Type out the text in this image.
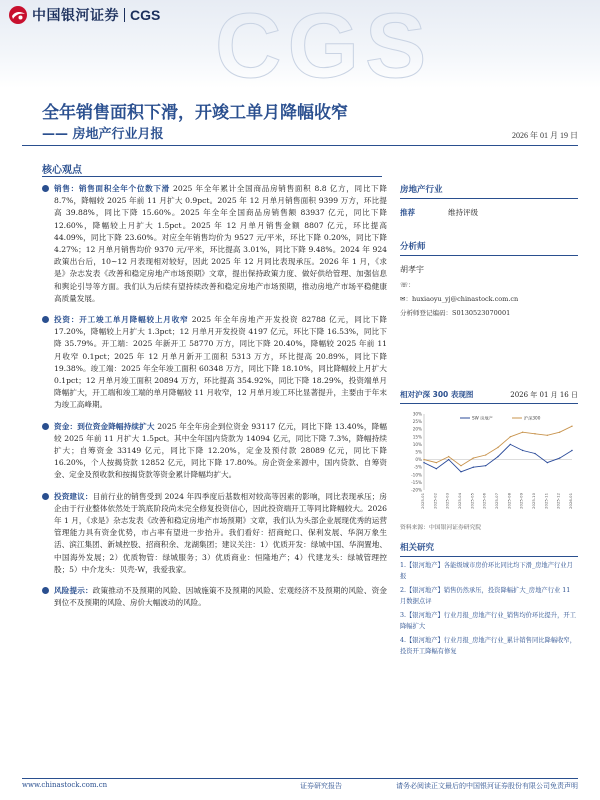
CGS
中国银河证券 CGS
全年销售面积下滑，开竣工单月降幅收窄
—— 房地产行业月报	2026 年 01 月 19 日
核心观点
销售：销售面积全年个位数下滑 2025 年全年累计全国商品房销售面积 8.8 亿方，同比下降 8.7%，降幅较 2025 年前 11 月扩大 0.9pct。2025 年 12 月单月销售面积 9399 万方，环比提高 39.88%，同比下降 15.60%。2025 年全年全国商品房销售额 83937 亿元，同比下降 12.60%，降幅较上月扩大 1.5pct。2025 年 12 月单月销售金额 8807 亿元，环比提高 44.09%，同比下降 23.60%。对应全年销售均价为 9527 元/平米，环比下降 0.20%，同比下降 4.27%；12 月单月销售均价 9370 元/平米，环比提高 3.01%，同比下降 9.48%。2024 年 924 政策出台后，10~12 月表现相对较好，因此 2025 年 12 月同比表现承压。2026 年 1 月，《求是》杂志发表《改善和稳定房地产市场预期》文章，提出保持政策力度、做好供给管理、加强信息和舆论引导等方面。我们认为后续有望持续改善和稳定房地产市场预期，推动房地产市场平稳健康高质量发展。
投资：开工竣工单月降幅较上月收窄 2025 年全年房地产开发投资 82788 亿元，同比下降 17.20%，降幅较上月扩大 1.3pct；12 月单月开发投资 4197 亿元，环比下降 16.53%，同比下降 35.79%。开工端：2025 年新开工 58770 万方，同比下降 20.40%，降幅较 2025 年前 11 月收窄 0.1pct；2025 年 12 月单月新开工面积 5313 万方，环比提高 20.89%，同比下降 19.38%。竣工端：2025 年全年竣工面积 60348 万方，同比下降 18.10%，同比降幅较上月扩大 0.1pct；12 月单月竣工面积 20894 万方，环比提高 354.92%，同比下降 18.29%，投资端单月降幅扩大，开工端和竣工端的单月降幅较 11 月收窄，12 月单月竣工环比显著提升，主要由于年末为竣工高峰期。
资金：到位资金降幅持续扩大 2025 年全年房企到位资金 93117 亿元，同比下降 13.40%，降幅较 2025 年前 11 月扩大 1.5pct。其中全年国内贷款为 14094 亿元，同比下降 7.3%，降幅持续扩大；自筹资金 33149 亿元，同比下降 12.20%，定金及预付款 28089 亿元，同比下降 16.20%，个人按揭贷款 12852 亿元，同比下降 17.80%。房企资金来源中，国内贷款、自筹资金、定金及预收款和按揭贷款等资金累计降幅均扩大。
投资建议：目前行业的销售受到 2024 年四季度后基数相对较高等因素的影响，同比表现承压；房企由于行业整体依然处于筑底阶段尚未完全修复投资信心，因此投资端开工等同比降幅较大。2026 年 1 月，《求是》杂志发表《改善和稳定房地产市场预期》文章，我们认为头部企业展现优秀的运营管理能力具有资金优势，市占率有望进一步抬升。我们看好：招商蛇口、保利发展、华润万象生活、滨江集团、新城控股、招商积余、龙湖集团；建议关注：1）优质开发：绿城中国、华润置地、中国海外发展；2）优质物管：绿城服务；3）优质商业：恒隆地产；4）代建龙头：绿城管理控股；5）中介龙头：贝壳-W，我爱我家。
风险提示：政策推动不及预期的风险、因城施策不及预期的风险、宏观经济不及预期的风险、资金到位不及预期的风险、房价大幅波动的风险。
房地产行业
推荐	维持评级
分析师
胡孝宇
☏：
✉：huxiaoyu_yj@chinastock.com.cn
分析师登记编码：S0130523070001
相对沪深 300 表现图	2026 年 01 月 16 日
30%
25%
20%
15%
10%
5%
0%
-5%
-10%
-15%
-20%
2025-01 2025-02 2025-03 2025-04 2025-05 2025-06 2025-07 2025-08 2025-09 2025-10 2025-11 2025-12 2026-01
SW 房地产	沪深300
资料来源：中国银河证券研究院
相关研究
1.【银河地产】各能级城市房价环比同比均下滑_房地产行业月报
2.【银河地产】销售仍然承压，投资降幅扩大_房地产行业 11 月数据点评
3.【银河地产】行业月报_房地产行业_销售均价环比提升，开工降幅扩大
4.【银河地产】行业月报_房地产行业_累计销售同比降幅收窄，投资开工降幅有修复
www.chinastock.com.cn	证券研究报告	请务必阅读正文最后的中国银河证券股份有限公司免责声明
